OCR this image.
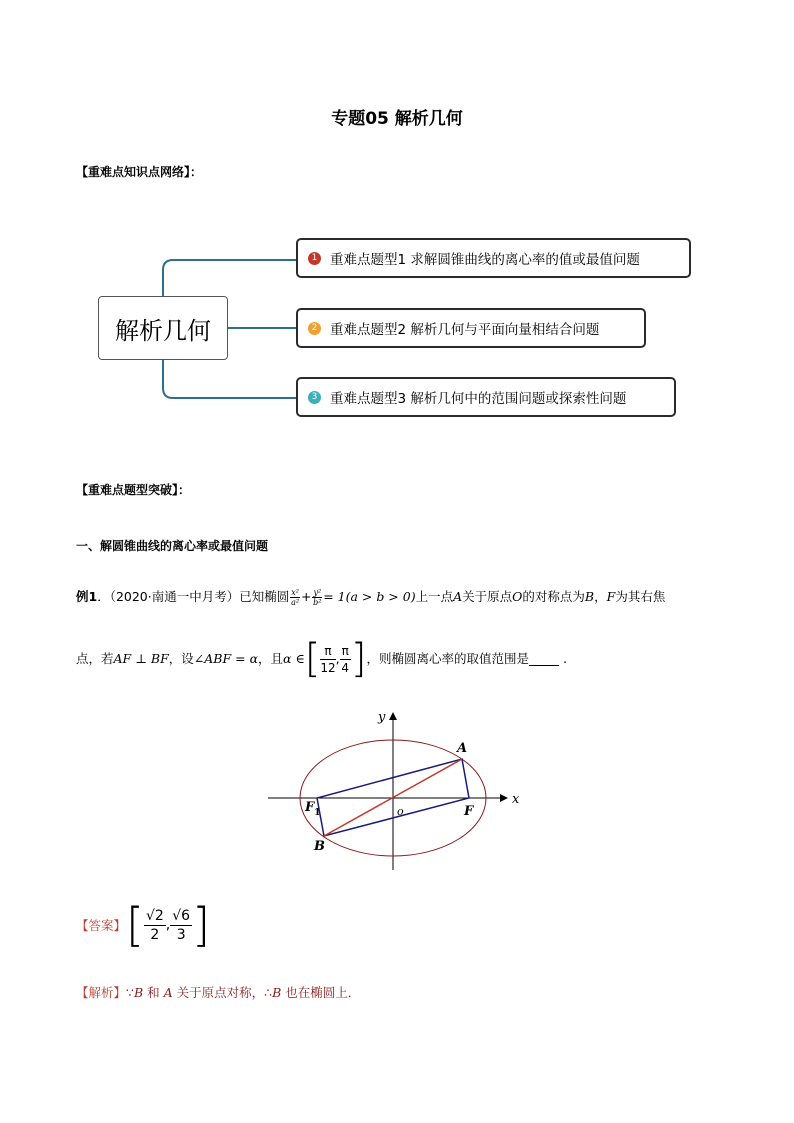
专题05 解析几何
【重难点知识点网络】：
解析几何
1 重难点题型1 求解圆锥曲线的离心率的值或最值问题
2 重难点题型2 解析几何与平面向量相结合问题
3 重难点题型3 解析几何中的范围问题或探索性问题
【重难点题型突破】：
一、解圆锥曲线的离心率或最值问题
例1．（2020·南通一中月考）已知椭圆 $\frac{\text{x²}}{\text{a²}} + \frac{\text{y²}}{\text{b²}} = 1(a > b > 0)$上一点A关于原点O的对称点为B，F为其右焦
点，若 AF ⊥ BF ，设 ∠ABF = α ，且 α ∈ [ $\frac{\pi}{12}$ , $\frac{\pi}{4}$ ] ，则椭圆离心率的取值范围是	.
y
x
A
B
F
$F_1$	o
【答案】 [ $\frac{√2}{2}$ , $\frac{√6}{3}$ ]
【解析】∵B 和 A 关于原点对称，∴B 也在椭圆上．
